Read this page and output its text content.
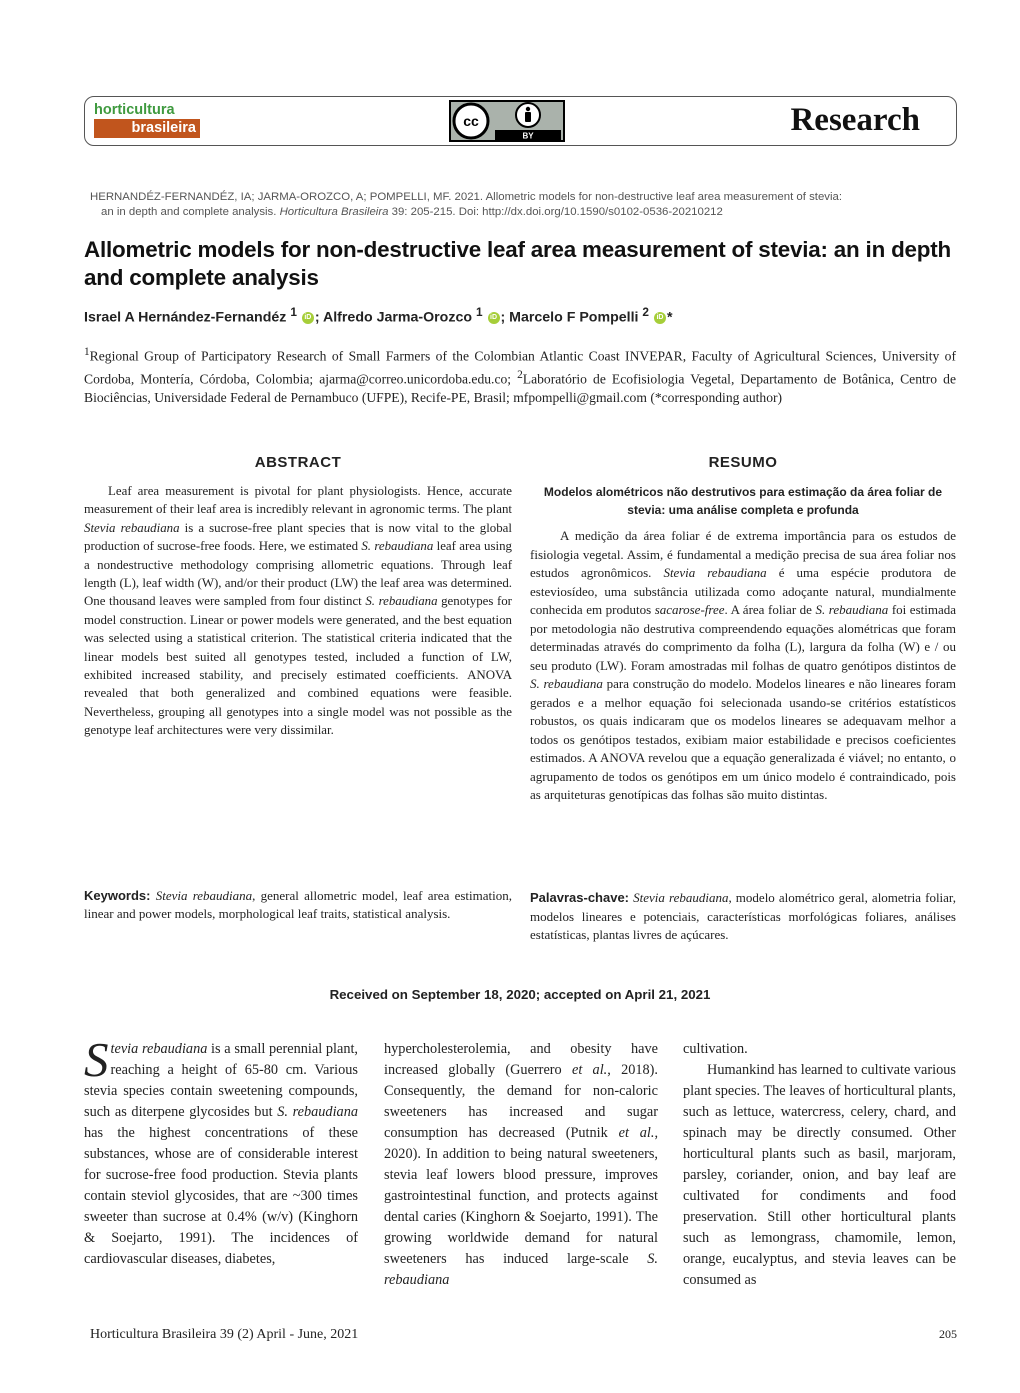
horticultura
brasileira	cc
BY	Research
HERNANDÉZ-FERNANDÉZ, IA; JARMA-OROZCO, A; POMPELLI, MF. 2021. Allometric models for non-destructive leaf area measurement of stevia:
an in depth and complete analysis. Horticultura Brasileira 39: 205-215. Doi: http://dx.doi.org/10.1590/s0102-0536-20210212
Allometric models for non-destructive leaf area measurement of stevia: an in depth and complete analysis
Israel A Hernández-Fernandéz $^1$ iD ; Alfredo Jarma-Orozco $^1$ iD ; Marcelo F Pompelli $^2$ iD *
$^1$Regional Group of Participatory Research of Small Farmers of the Colombian Atlantic Coast INVEPAR, Faculty of Agricultural Sciences, University of Cordoba, Montería, Córdoba, Colombia; ajarma@correo.unicordoba.edu.co; $^2$Laboratório de Ecofisiologia Vegetal, Departamento de Botânica, Centro de Biociências, Universidade Federal de Pernambuco (UFPE), Recife-PE, Brasil; mfpompelli@gmail.com (*corresponding author)
ABSTRACT	RESUMO
Leaf area measurement is pivotal for plant physiologists. Hence, accurate measurement of their leaf area is incredibly relevant in agronomic terms. The plant Stevia rebaudiana is a sucrose-free plant species that is now vital to the global production of sucrose-free foods. Here, we estimated S. rebaudiana leaf area using a nondestructive methodology comprising allometric equations. Through leaf length (L), leaf width (W), and/or their product (LW) the leaf area was determined. One thousand leaves were sampled from four distinct S. rebaudiana genotypes for model construction. Linear or power models were generated, and the best equation was selected using a statistical criterion. The statistical criteria indicated that the linear models best suited all genotypes tested, included a function of LW, exhibited increased stability, and precisely estimated coefficients. ANOVA revealed that both generalized and combined equations were feasible. Nevertheless, grouping all genotypes into a single model was not possible as the genotype leaf architectures were very dissimilar.
Modelos alométricos não destrutivos para estimação da área foliar de stevia: uma análise completa e profunda
A medição da área foliar é de extrema importância para os estudos de fisiologia vegetal. Assim, é fundamental a medição precisa de sua área foliar nos estudos agronômicos. Stevia rebaudiana é uma espécie produtora de esteviosídeo, uma substância utilizada como adoçante natural, mundialmente conhecida em produtos sacarose-free. A área foliar de S. rebaudiana foi estimada por metodologia não destrutiva compreendendo equações alométricas que foram determinadas através do comprimento da folha (L), largura da folha (W) e / ou seu produto (LW). Foram amostradas mil folhas de quatro genótipos distintos de S. rebaudiana para construção do modelo. Modelos lineares e não lineares foram gerados e a melhor equação foi selecionada usando-se critérios estatísticos robustos, os quais indicaram que os modelos lineares se adequavam melhor a todos os genótipos testados, exibiam maior estabilidade e precisos coeficientes estimados. A ANOVA revelou que a equação generalizada é viável; no entanto, o agrupamento de todos os genótipos em um único modelo é contraindicado, pois as arquiteturas genotípicas das folhas são muito distintas.
Keywords: Stevia rebaudiana, general allometric model, leaf area estimation, linear and power models, morphological leaf traits, statistical analysis.
Palavras-chave: Stevia rebaudiana, modelo alométrico geral, alometria foliar, modelos lineares e potenciais, características morfológicas foliares, análises estatísticas, plantas livres de açúcares.
Received on September 18, 2020; accepted on April 21, 2021
Stevia rebaudiana is a small perennial plant, reaching a height of 65-80 cm. Various stevia species contain sweetening compounds, such as diterpene glycosides but S. rebaudiana has the highest concentrations of these substances, whose are of considerable interest for sucrose-free food production. Stevia plants contain steviol glycosides, that are ~300 times sweeter than sucrose at 0.4% (w/v) (Kinghorn & Soejarto, 1991). The incidences of cardiovascular diseases, diabetes,
hypercholesterolemia, and obesity have increased globally (Guerrero et al., 2018). Consequently, the demand for non-caloric sweeteners has increased and sugar consumption has decreased (Putnik et al., 2020). In addition to being natural sweeteners, stevia leaf lowers blood pressure, improves gastrointestinal function, and protects against dental caries (Kinghorn & Soejarto, 1991). The growing worldwide demand for natural sweeteners has induced large-scale S. rebaudiana
cultivation.
Humankind has learned to cultivate various plant species. The leaves of horticultural plants, such as lettuce, watercress, celery, chard, and spinach may be directly consumed. Other horticultural plants such as basil, marjoram, parsley, coriander, onion, and bay leaf are cultivated for condiments and food preservation. Still other horticultural plants such as lemongrass, chamomile, lemon, orange, eucalyptus, and stevia leaves can be consumed as
Horticultura Brasileira 39 (2) April - June, 2021	205
